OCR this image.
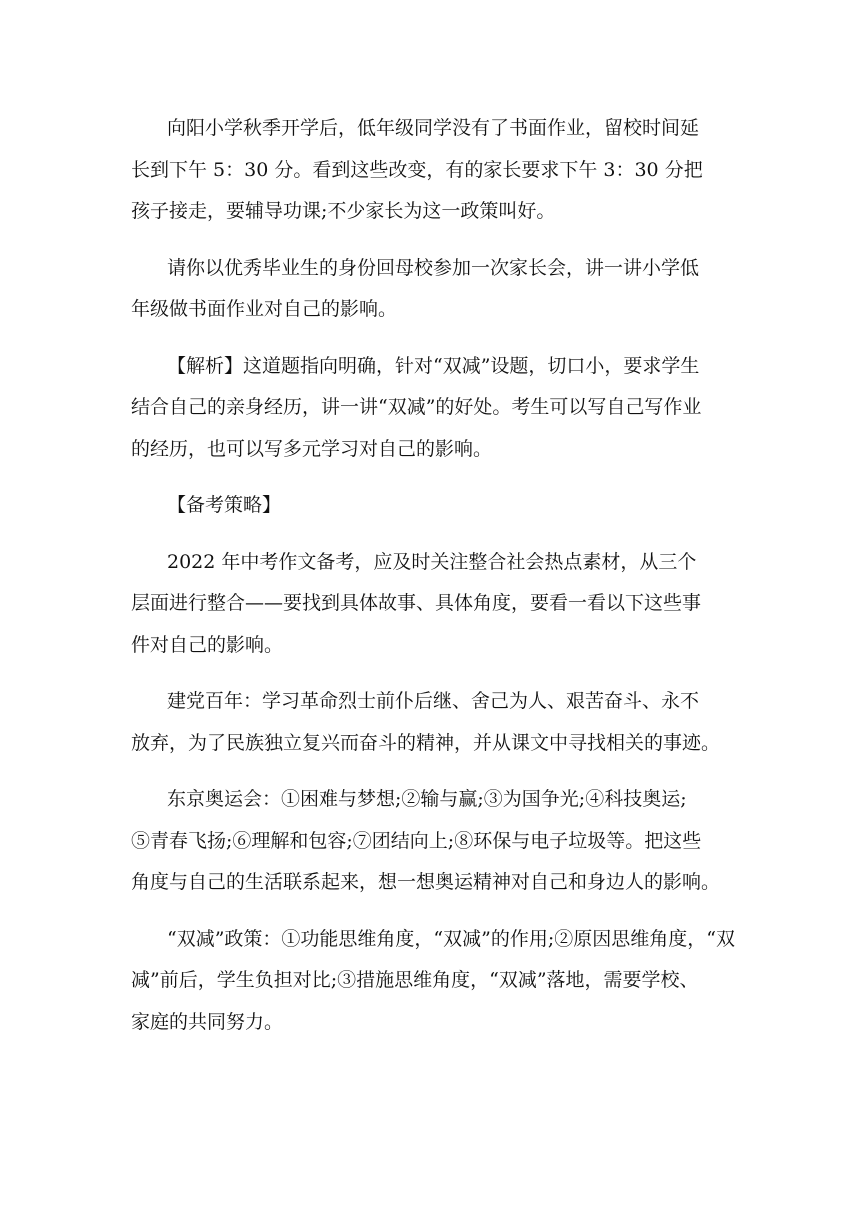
向阳小学秋季开学后，低年级同学没有了书面作业，留校时间延
长到下午 5：30 分。看到这些改变，有的家长要求下午 3：30 分把
孩子接走，要辅导功课;不少家长为这一政策叫好。

请你以优秀毕业生的身份回母校参加一次家长会，讲一讲小学低
年级做书面作业对自己的影响。

【解析】这道题指向明确，针对“双减”设题，切口小，要求学生
结合自己的亲身经历，讲一讲“双减”的好处。考生可以写自己写作业
的经历，也可以写多元学习对自己的影响。

【备考策略】

2022 年中考作文备考，应及时关注整合社会热点素材，从三个
层面进行整合——要找到具体故事、具体角度，要看一看以下这些事
件对自己的影响。

建党百年：学习革命烈士前仆后继、舍己为人、艰苦奋斗、永不
放弃，为了民族独立复兴而奋斗的精神，并从课文中寻找相关的事迹。

东京奥运会：①困难与梦想;②输与赢;③为国争光;④科技奥运;
⑤青春飞扬;⑥理解和包容;⑦团结向上;⑧环保与电子垃圾等。把这些
角度与自己的生活联系起来，想一想奥运精神对自己和身边人的影响。

“双减”政策：①功能思维角度，“双减”的作用;②原因思维角度，“双
减”前后，学生负担对比;③措施思维角度，“双减”落地，需要学校、
家庭的共同努力。
